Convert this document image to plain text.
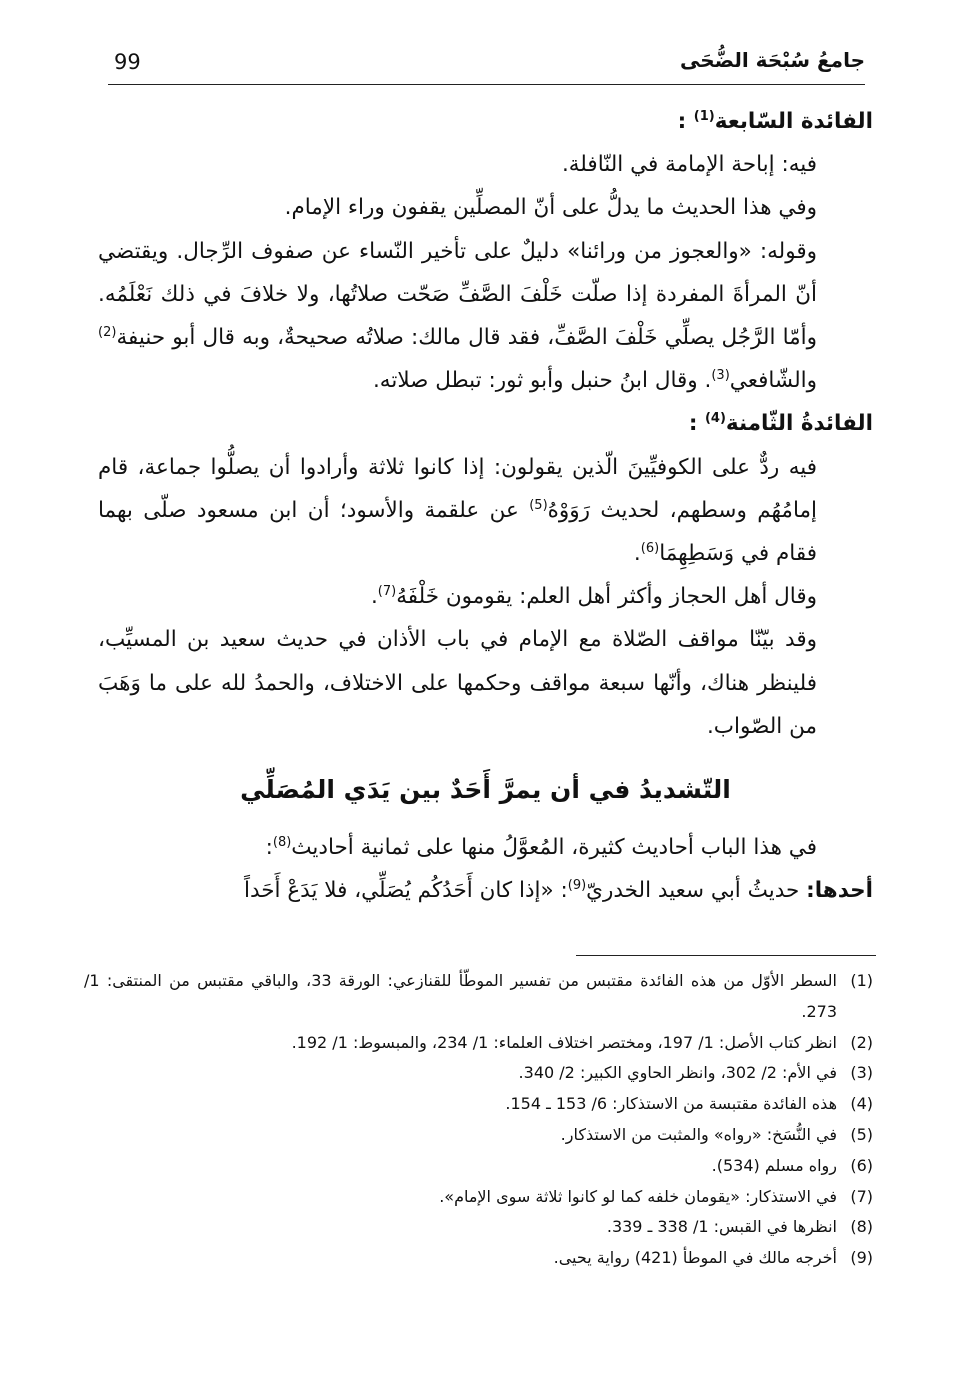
جامعُ سُبْحَة الضُّحَى
99

الفائدة السّابعة$^{(1)}$ :

فيه: إباحة الإمامة في النّافلة.

وفي هذا الحديث ما يدلُّ على أنّ المصلِّين يقفون وراء الإمام.

وقوله: «والعجوز من ورائنا» دليلٌ على تأخير النّساء عن صفوف الرِّجال. ويقتضي أنّ المرأةَ المفردة إذا صلّت خَلْفَ الصَّفِّ صَحّت صلاتُها، ولا خلافَ في ذلك نَعْلَمُه. وأمّا الرَّجُل يصلِّي خَلْفَ الصَّفِّ، فقد قال مالك: صلاتُه صحيحةٌ، وبه قال أبو حنيفة$^{(2)}$ والشّافعي$^{(3)}$. وقال ابنُ حنبل وأبو ثور: تبطل صلاته.

الفائدةُ الثّامنة$^{(4)}$ :

فيه ردٌّ على الكوفيِّينَ الّذين يقولون: إذا كانوا ثلاثة وأرادوا أن يصلُّوا جماعة، قام إمامُهُم وسطهم، لحديث رَوَوْهُ$^{(5)}$ عن علقمة والأسود؛ أن ابن مسعود صلّى بهما فقام في وَسَطِهِمَا$^{(6)}$.

وقال أهل الحجاز وأكثر أهل العلم: يقومون خَلْفَهُ$^{(7)}$.

وقد بيّنّا مواقف الصّلاة مع الإمام في باب الأذان في حديث سعيد بن المسيِّب، فلينظر هناك، وأنّها سبعة مواقف وحكمها على الاختلاف، والحمدُ لله على ما وَهَبَ من الصّواب.

التّشديدُ في أن يمرَّ أَحَدٌ بين يَدَي المُصَلِّي

في هذا الباب أحاديث كثيرة، المُعوَّلُ منها على ثمانية أحاديث$^{(8)}$:

أحدها: حديثُ أبي سعيد الخدريّ$^{(9)}$: «إذا كان أَحَدُكُم يُصَلِّي، فلا يَدَعْ أَحَداً

(1)
السطر الأوّل من هذه الفائدة مقتبس من تفسير الموطّأ للقنازعي: الورقة 33، والباقي مقتبس من المنتقى: 1/ 273.
(2)
انظر كتاب الأصل: 1/ 197، ومختصر اختلاف العلماء: 1/ 234، والمبسوط: 1/ 192.
(3)
في الأم: 2/ 302، وانظر الحاوي الكبير: 2/ 340.
(4)
هذه الفائدة مقتبسة من الاستذكار: 6/ 153 ـ 154.
(5)
في النُّسَخ: «رواه» والمثبت من الاستذكار.
(6)
رواه مسلم (534).
(7)
في الاستذكار: «يقومان خلفه كما لو كانوا ثلاثة سوى الإمام».
(8)
انظرها في القبس: 1/ 338 ـ 339.
(9)
أخرجه مالك في الموطأ (421) رواية يحيى.
